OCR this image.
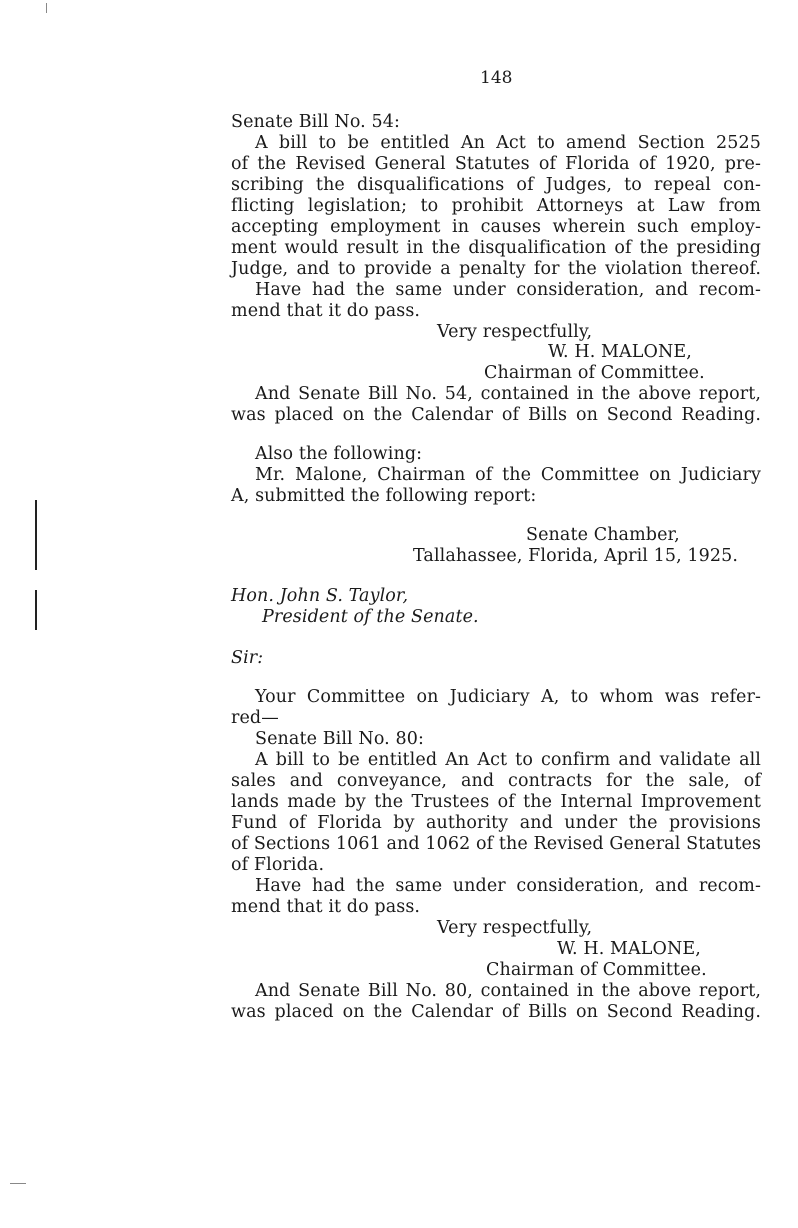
148
Senate Bill No. 54:
A bill to be entitled An Act to amend Section 2525
of the Revised General Statutes of Florida of 1920, pre-
scribing the disqualifications of Judges, to repeal con-
flicting legislation; to prohibit Attorneys at Law from
accepting employment in causes wherein such employ-
ment would result in the disqualification of the presiding
Judge, and to provide a penalty for the violation thereof.
Have had the same under consideration, and recom-
mend that it do pass.
Very respectfully,
W. H. MALONE,
Chairman of Committee.
And Senate Bill No. 54, contained in the above report,
was placed on the Calendar of Bills on Second Reading.
Also the following:
Mr. Malone, Chairman of the Committee on Judiciary
A, submitted the following report:
Senate Chamber,
Tallahassee, Florida, April 15, 1925.
Hon. John S. Taylor,
President of the Senate.
Sir:
Your Committee on Judiciary A, to whom was refer-
red—
Senate Bill No. 80:
A bill to be entitled An Act to confirm and validate all
sales and conveyance, and contracts for the sale, of
lands made by the Trustees of the Internal Improvement
Fund of Florida by authority and under the provisions
of Sections 1061 and 1062 of the Revised General Statutes
of Florida.
Have had the same under consideration, and recom-
mend that it do pass.
Very respectfully,
W. H. MALONE,
Chairman of Committee.
And Senate Bill No. 80, contained in the above report,
was placed on the Calendar of Bills on Second Reading.
